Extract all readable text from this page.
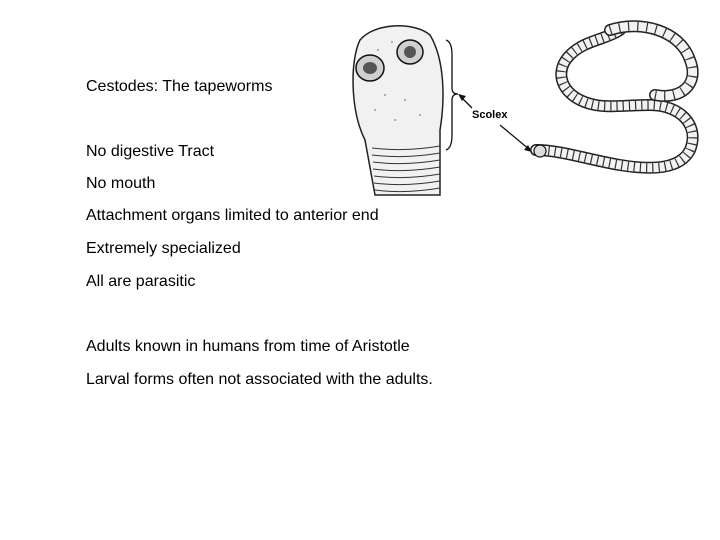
Scolex
Cestodes: The tapeworms
No digestive Tract
No mouth
Attachment organs limited to anterior end
Extremely specialized
All are parasitic
Adults known in humans from time of Aristotle
Larval forms often not associated with the adults.
